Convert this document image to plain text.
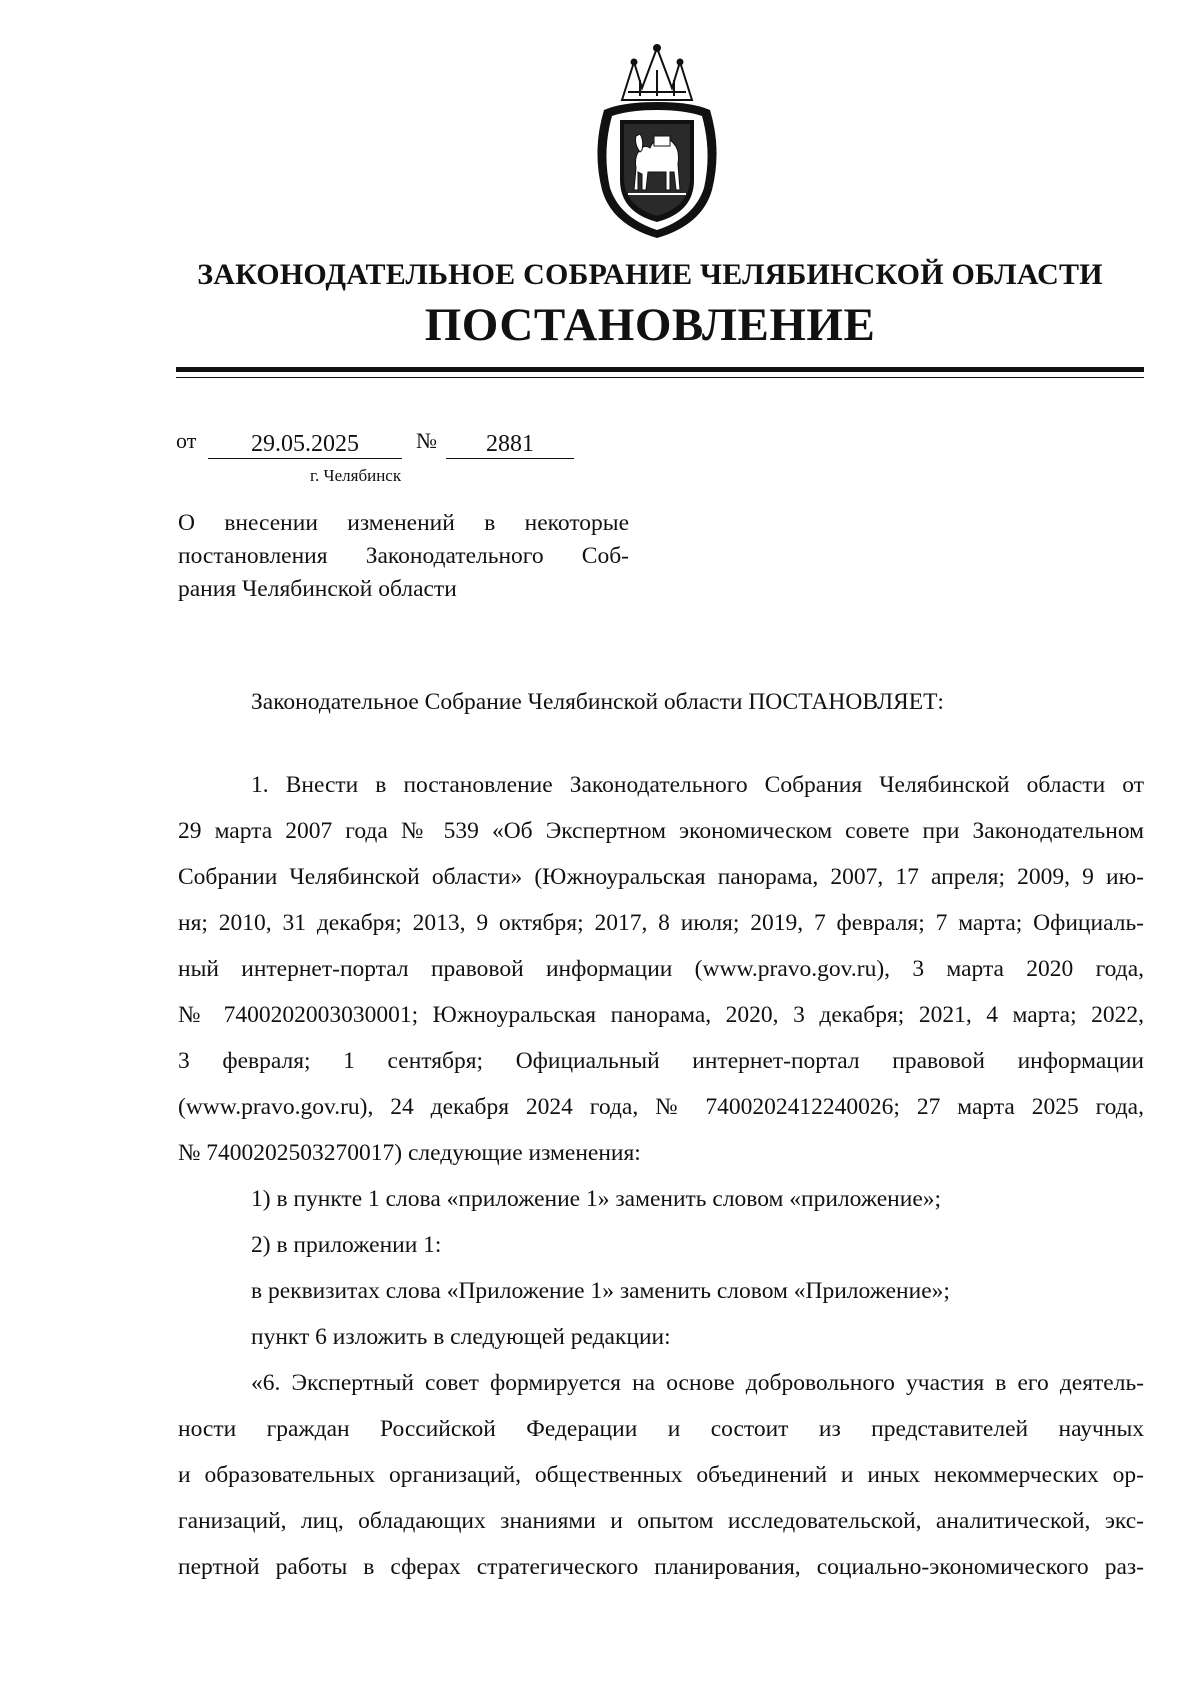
ЗАКОНОДАТЕЛЬНОЕ СОБРАНИЕ ЧЕЛЯБИНСКОЙ ОБЛАСТИ
ПОСТАНОВЛЕНИЕ
от	29.05.2025	№	2881
г. Челябинск
О внесении изменений в некоторые
постановления Законодательного Соб-
рания Челябинской области
Законодательное Собрание Челябинской области ПОСТАНОВЛЯЕТ:
1. Внести в постановление Законодательного Собрания Челябинской области от
29 марта 2007 года № 539 «Об Экспертном экономическом совете при Законодательном
Собрании Челябинской области» (Южноуральская панорама, 2007, 17 апреля; 2009, 9 ию-
ня; 2010, 31 декабря; 2013, 9 октября; 2017, 8 июля; 2019, 7 февраля; 7 марта; Официаль-
ный интернет-портал правовой информации (www.pravo.gov.ru), 3 марта 2020 года,
№ 7400202003030001; Южноуральская панорама, 2020, 3 декабря; 2021, 4 марта; 2022,
3 февраля; 1 сентября; Официальный интернет-портал правовой информации
(www.pravo.gov.ru), 24 декабря 2024 года, № 7400202412240026; 27 марта 2025 года,
№ 7400202503270017) следующие изменения:
1) в пункте 1 слова «приложение 1» заменить словом «приложение»;
2) в приложении 1:
в реквизитах слова «Приложение 1» заменить словом «Приложение»;
пункт 6 изложить в следующей редакции:
«6. Экспертный совет формируется на основе добровольного участия в его деятель-
ности граждан Российской Федерации и состоит из представителей научных
и образовательных организаций, общественных объединений и иных некоммерческих ор-
ганизаций, лиц, обладающих знаниями и опытом исследовательской, аналитической, экс-
пертной работы в сферах стратегического планирования, социально-экономического раз-
